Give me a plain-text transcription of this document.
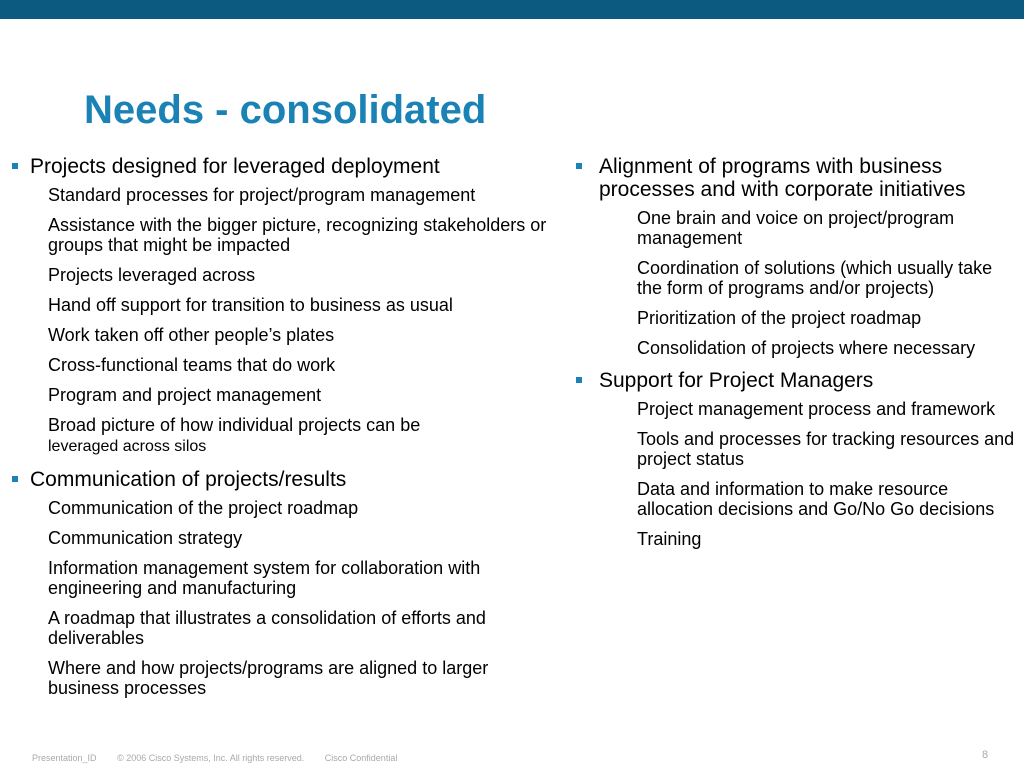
Needs - consolidated
Projects designed for leveraged deployment
Standard processes for project/program management
Assistance with the bigger picture, recognizing stakeholders or groups that might be impacted
Projects leveraged across
Hand off support for transition to business as usual
Work taken off other people’s plates
Cross-functional teams that do work
Program and project management
Broad picture of how individual projects can be
leveraged across silos
Communication of projects/results
Communication of the project roadmap
Communication strategy
Information management system for collaboration with engineering and manufacturing
A roadmap that illustrates a consolidation of efforts and deliverables
Where and how projects/programs are aligned to larger business processes
Alignment of programs with business processes and with corporate initiatives
One brain and voice on project/program management
Coordination of solutions (which usually take the form of programs and/or projects)
Prioritization of the project roadmap
Consolidation of projects where necessary
Support for Project Managers
Project management process and framework
Tools and processes for tracking resources and project status
Data and information to make resource allocation decisions and Go/No Go decisions
Training
Presentation_ID © 2006 Cisco Systems, Inc. All rights reserved. Cisco Confidential	8
